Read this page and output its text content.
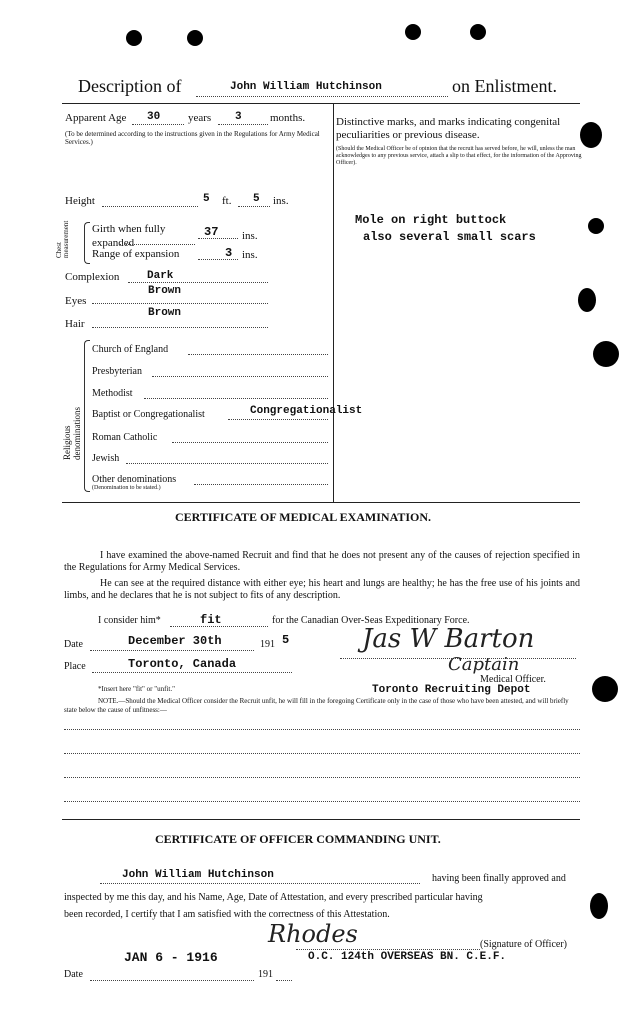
Description of	John William Hutchinson	on Enlistment.
Apparent Age 30	years 3	months.
(To be determined according to the instructions given in the Regulations for Army Medical Services.)
Height	5 ft. 5 ins.
Chest measurement Girth when fully expanded
37 ins.
Range of expansion	3 ins.
Complexion	Dark
Eyes
Brown
Hair
Brown
Religious denominations
Church of England
Presbyterian
Methodist
Baptist or Congregationalist	Congregationalist
Roman Catholic
Jewish
Other denominations
(Denomination to be stated.)
Distinctive marks, and marks indicating congenital peculiarities or previous disease.
(Should the Medical Officer be of opinion that the recruit has served before, he will, unless the man acknowledges to any previous service, attach a slip to that effect, for the information of the Approving Officer).
Mole on right buttock
also several small scars
CERTIFICATE OF MEDICAL EXAMINATION.
I have examined the above-named Recruit and find that he does not present any of the causes of rejection specified in the Regulations for Army Medical Services.
He can see at the required distance with either eye; his heart and lungs are healthy; he has the free use of his joints and limbs, and he declares that he is not subject to fits of any description.
I consider him*	fit	for the Canadian Over-Seas Expeditionary Force.
Date	December 30th	191 5
Place	Toronto, Canada
Jas W Barton
Captain
Medical Officer.
Toronto Recruiting Depot
*Insert here "fit" or "unfit."
NOTE.—Should the Medical Officer consider the Recruit unfit, he will fill in the foregoing Certificate only in the case of those who have been attested, and will briefly state below the cause of unfitness:—
CERTIFICATE OF OFFICER COMMANDING UNIT.
John William Hutchinson	having been finally approved and
inspected by me this day, and his Name, Age, Date of Attestation, and every prescribed particular having
been recorded, I certify that I am satisfied with the correctness of this Attestation.
Rhodes	(Signature of Officer)
JAN 6 - 1916	O.C. 124th OVERSEAS BN. C.E.F.
Date	191
